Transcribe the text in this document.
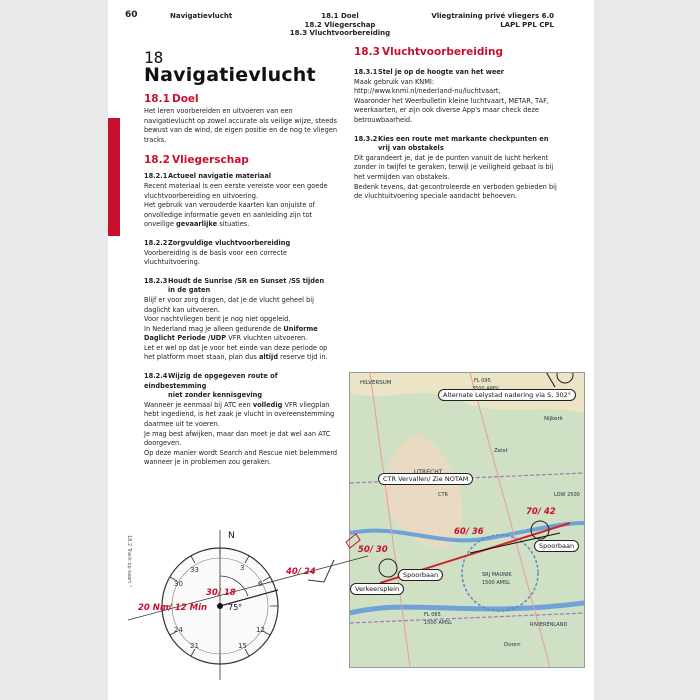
60	Navigatievlucht	18.1 Doel
18.2 Vliegerschap
18.3 Vluchtvoorbereiding
Vliegtraining privé vliegers 6.0
LAPL PPL CPL
18
Navigatievlucht
18 Navigatievlucht

18.1 Doel

Het leren voorbereiden en uitvoeren van een navigatievlucht op zowel accurate als veilige wijze, steeds bewust van de wind, de eigen positie en de nog te vliegen tracks.

18.2 Vliegerschap

18.2.1Actueel navigatie materiaal

Recent materiaal is een eerste vereiste voor een goede vluchtvoorbereiding en uitvoering.

Het gebruik van verouderde kaarten kan onjuiste of onvolledige informatie geven en aanleiding zijn tot onveilige gevaarlijke situaties.

18.2.2Zorgvuldige vluchtvoorbereiding

Voorbereiding is de basis voor een correcte vluchtuitvoering.

18.2.3Houdt de Sunrise /SR en Sunset /SS tijden
in de gaten

Blijf er voor zorg dragen, dat je de vlucht geheel bij daglicht kan uitvoeren.

Voor nachtvliegen bent je nog niet opgeleid.

In Nederland mag je alleen gedurende de Uniforme Daglicht Periode /UDP VFR vluchten uitvoeren.

Let er wel op dat je voor het einde van deze periode op het platform moet staan, plan dus altijd reserve tijd in.

18.2.4Wijzig de opgegeven route of eindbestemming
niet zonder kennisgeving

Wanneer je eenmaal bij ATC een volledig VFR vliegplan hebt ingediend, is het zaak je vlucht in overeenstemming daarmee uit te voeren.

Je mag best afwijken, maar dan moet je dat wel aan ATC doorgeven.

Op deze manier wordt Search and Rescue niet belemmerd wanneer je in problemen zou geraken.

18.3 Vluchtvoorbereiding

18.3.1Stel je op de hoogte van het weer

Maak gebruik van KNMI:

http://www.knmi.nl/nederland-nu/luchtvaart,

Waaronder het Weerbulletin kleine luchtvaart, METAR, TAF, weerkaarten, er zijn ook diverse App's maar check deze betrouwbaarheid.

18.3.2Kies een route met markante checkpunten en
vrij van obstakels

Dit garandeert je, dat je de punten vanuit de lucht herkent zonder in twijfel te geraken, terwijl je veiligheid gebaat is bij het vermijden van obstakels.

Bedenk tevens, dat gecontroleerde en verboden gebieden bij de vluchtuitvoering speciale aandacht behoeven.

HILVERSUM
Nijkerk
FL 095
LOW 2500
SRJ MAUNIK
1500 AMSL
RIVIERENLAND
FL 065
1500 AMSL
Zeist
Doorn
CTR
Alternate Lelystad nadering via S, 302°
CTR Vervallen/ Zie NOTAM
Spoorbaan
Spoorbaan
Verkeersplein
70/ 42
60/ 36
50/ 30
N
75°
33
30
24
21	15
12
6
3	40/ 24
30/ 18
20 Nm/ 12 Min
18.2 Track op kaart °
